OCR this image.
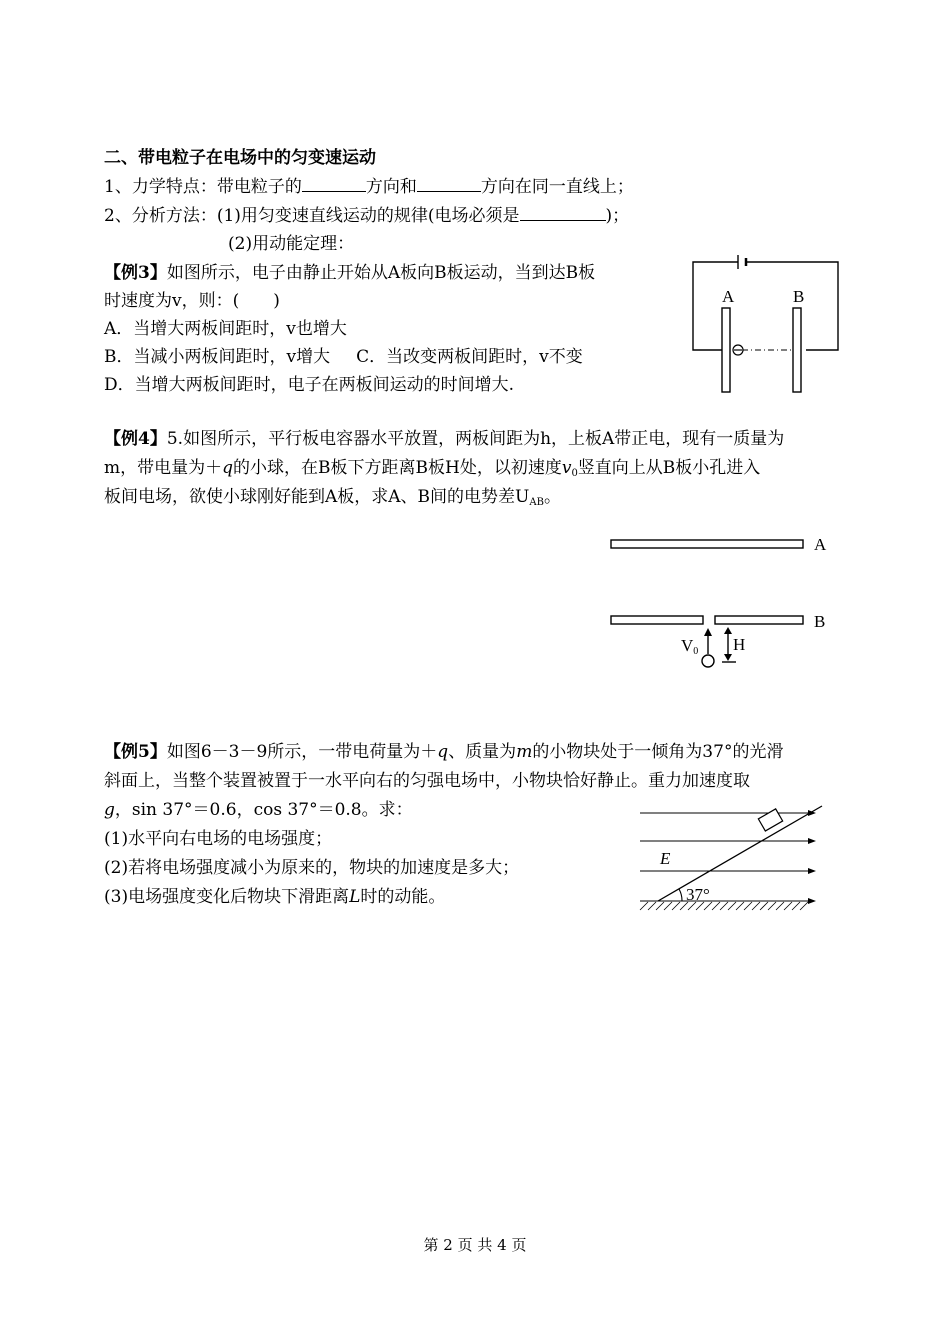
二、带电粒子在电场中的匀变速运动
1、力学特点：带电粒子的	方向和	方向在同一直线上；
2、分析方法：(1)用匀变速直线运动的规律(电场必须是	)；
(2)用动能定理：
【例3】如图所示，电子由静止开始从A板向B板运动，当到达B板
时速度为v，则：(　　)
A．当增大两板间距时，v也增大
B．当减小两板间距时，v增大 C．当改变两板间距时，v不变
D．当增大两板间距时，电子在两板间运动的时间增大.
A	B
【例4】5.如图所示，平行板电容器水平放置，两板间距为h，上板A带正电，现有一质量为
m，带电量为＋q的小球，在B板下方距离B板H处，以初速度$v_0$竖直向上从B板小孔进入
板间电场，欲使小球刚好能到A板，求A、B间的电势差$U_{AB}$。
A
B
V0 H
【例5】如图6－3－9所示，一带电荷量为＋q、质量为m的小物块处于一倾角为37°的光滑
斜面上，当整个装置被置于一水平向右的匀强电场中，小物块恰好静止。重力加速度取
g，sin 37°＝0.6，cos 37°＝0.8。求：
(1)水平向右电场的电场强度；
(2)若将电场强度减小为原来的，物块的加速度是多大；
(3)电场强度变化后物块下滑距离L时的动能。
E
37°
第 2 页 共 4 页
